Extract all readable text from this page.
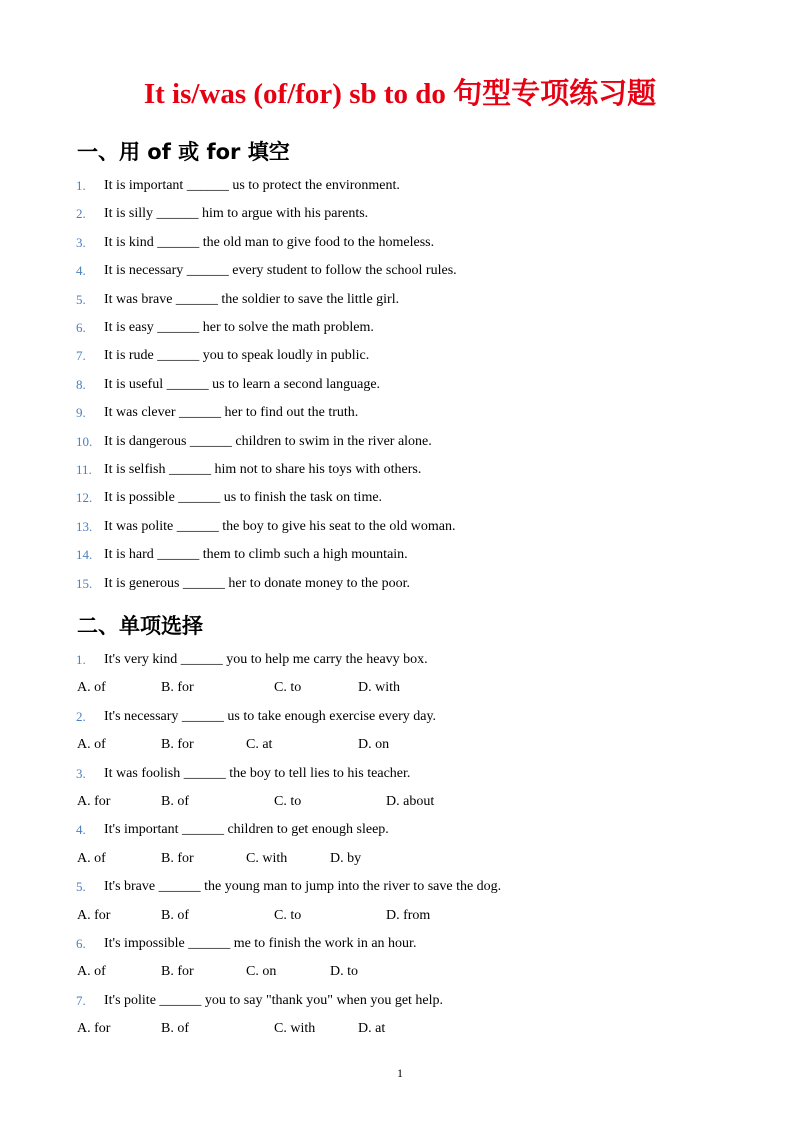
It is/was (of/for) sb to do 句型专项练习题
一、用 of 或 for 填空
1. It is important ______ us to protect the environment.
2. It is silly ______ him to argue with his parents.
3. It is kind ______ the old man to give food to the homeless.
4. It is necessary ______ every student to follow the school rules.
5. It was brave ______ the soldier to save the little girl.
6. It is easy ______ her to solve the math problem.
7. It is rude ______ you to speak loudly in public.
8. It is useful ______ us to learn a second language.
9. It was clever ______ her to find out the truth.
10. It is dangerous ______ children to swim in the river alone.
11. It is selfish ______ him not to share his toys with others.
12. It is possible ______ us to finish the task on time.
13. It was polite ______ the boy to give his seat to the old woman.
14. It is hard ______ them to climb such a high mountain.
15. It is generous ______ her to donate money to the poor.
二、单项选择
1. It's very kind ______ you to help me carry the heavy box.
A. of	B. for	C. to	D. with
2. It's necessary ______ us to take enough exercise every day.
A. of	B. for	C. at	D. on
3. It was foolish ______ the boy to tell lies to his teacher.
A. for	B. of	C. to	D. about
4. It's important ______ children to get enough sleep.
A. of	B. for	C. with	D. by
5. It's brave ______ the young man to jump into the river to save the dog.
A. for	B. of	C. to	D. from
6. It's impossible ______ me to finish the work in an hour.
A. of	B. for	C. on	D. to
7. It's polite ______ you to say "thank you" when you get help.
A. for	B. of	C. with	D. at
1
